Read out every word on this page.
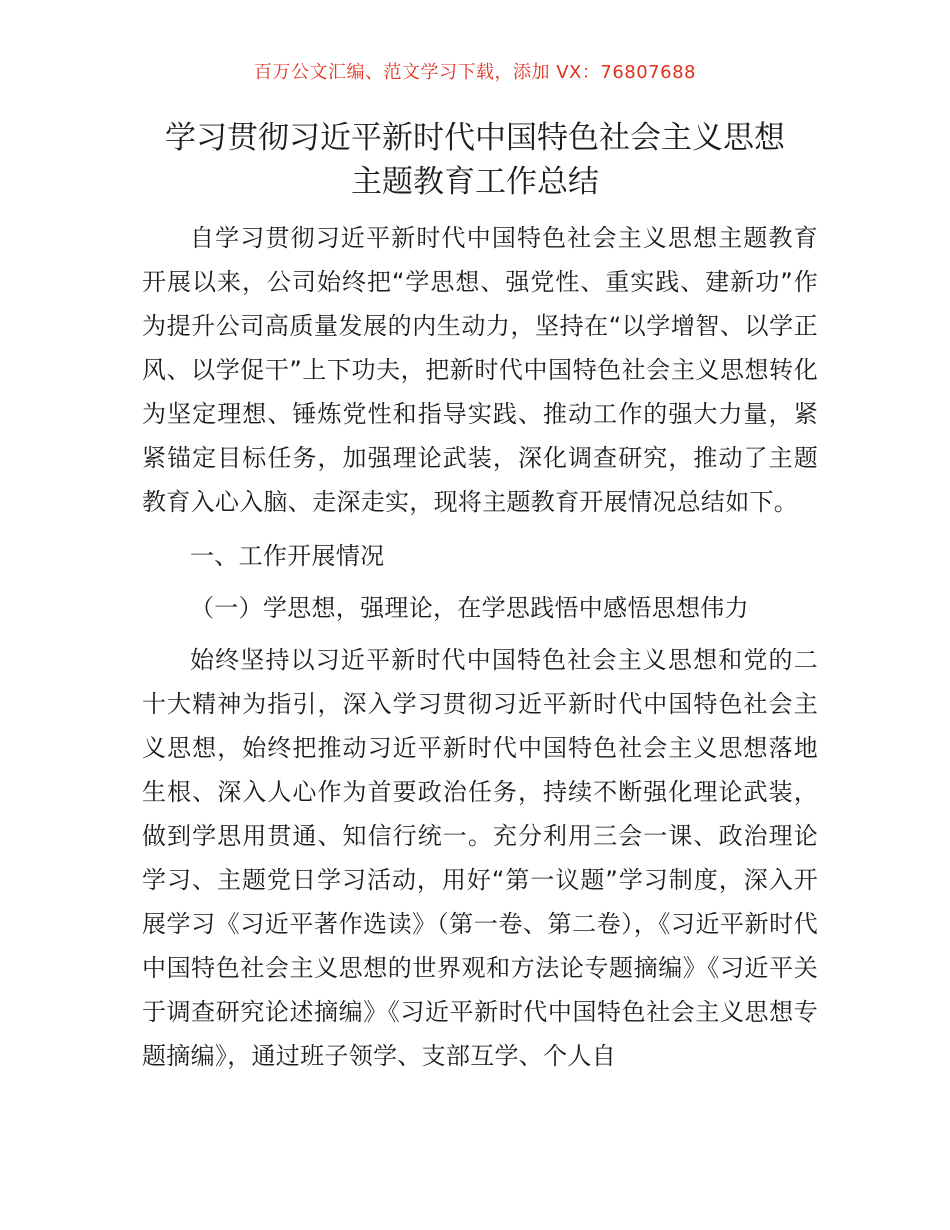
百万公文汇编、范文学习下载，添加 VX：76807688
学习贯彻习近平新时代中国特色社会主义思想
主题教育工作总结

自学习贯彻习近平新时代中国特色社会主义思想主题教育开展以来，公司始终把“学思想、强党性、重实践、建新功”作为提升公司高质量发展的内生动力，坚持在“以学增智、以学正风、以学促干”上下功夫，把新时代中国特色社会主义思想转化为坚定理想、锤炼党性和指导实践、推动工作的强大力量，紧紧锚定目标任务，加强理论武装，深化调查研究，推动了主题教育入心入脑、走深走实，现将主题教育开展情况总结如下。

一、工作开展情况

（一）学思想，强理论，在学思践悟中感悟思想伟力

始终坚持以习近平新时代中国特色社会主义思想和党的二十大精神为指引，深入学习贯彻习近平新时代中国特色社会主义思想，始终把推动习近平新时代中国特色社会主义思想落地生根、深入人心作为首要政治任务，持续不断强化理论武装，做到学思用贯通、知信行统一。充分利用三会一课、政治理论学习、主题党日学习活动，用好“第一议题”学习制度，深入开展学习《习近平著作选读》（第一卷、第二卷），《习近平新时代中国特色社会主义思想的世界观和方法论专题摘编》《习近平关于调查研究论述摘编》《习近平新时代中国特色社会主义思想专题摘编》，通过班子领学、支部互学、个人自
